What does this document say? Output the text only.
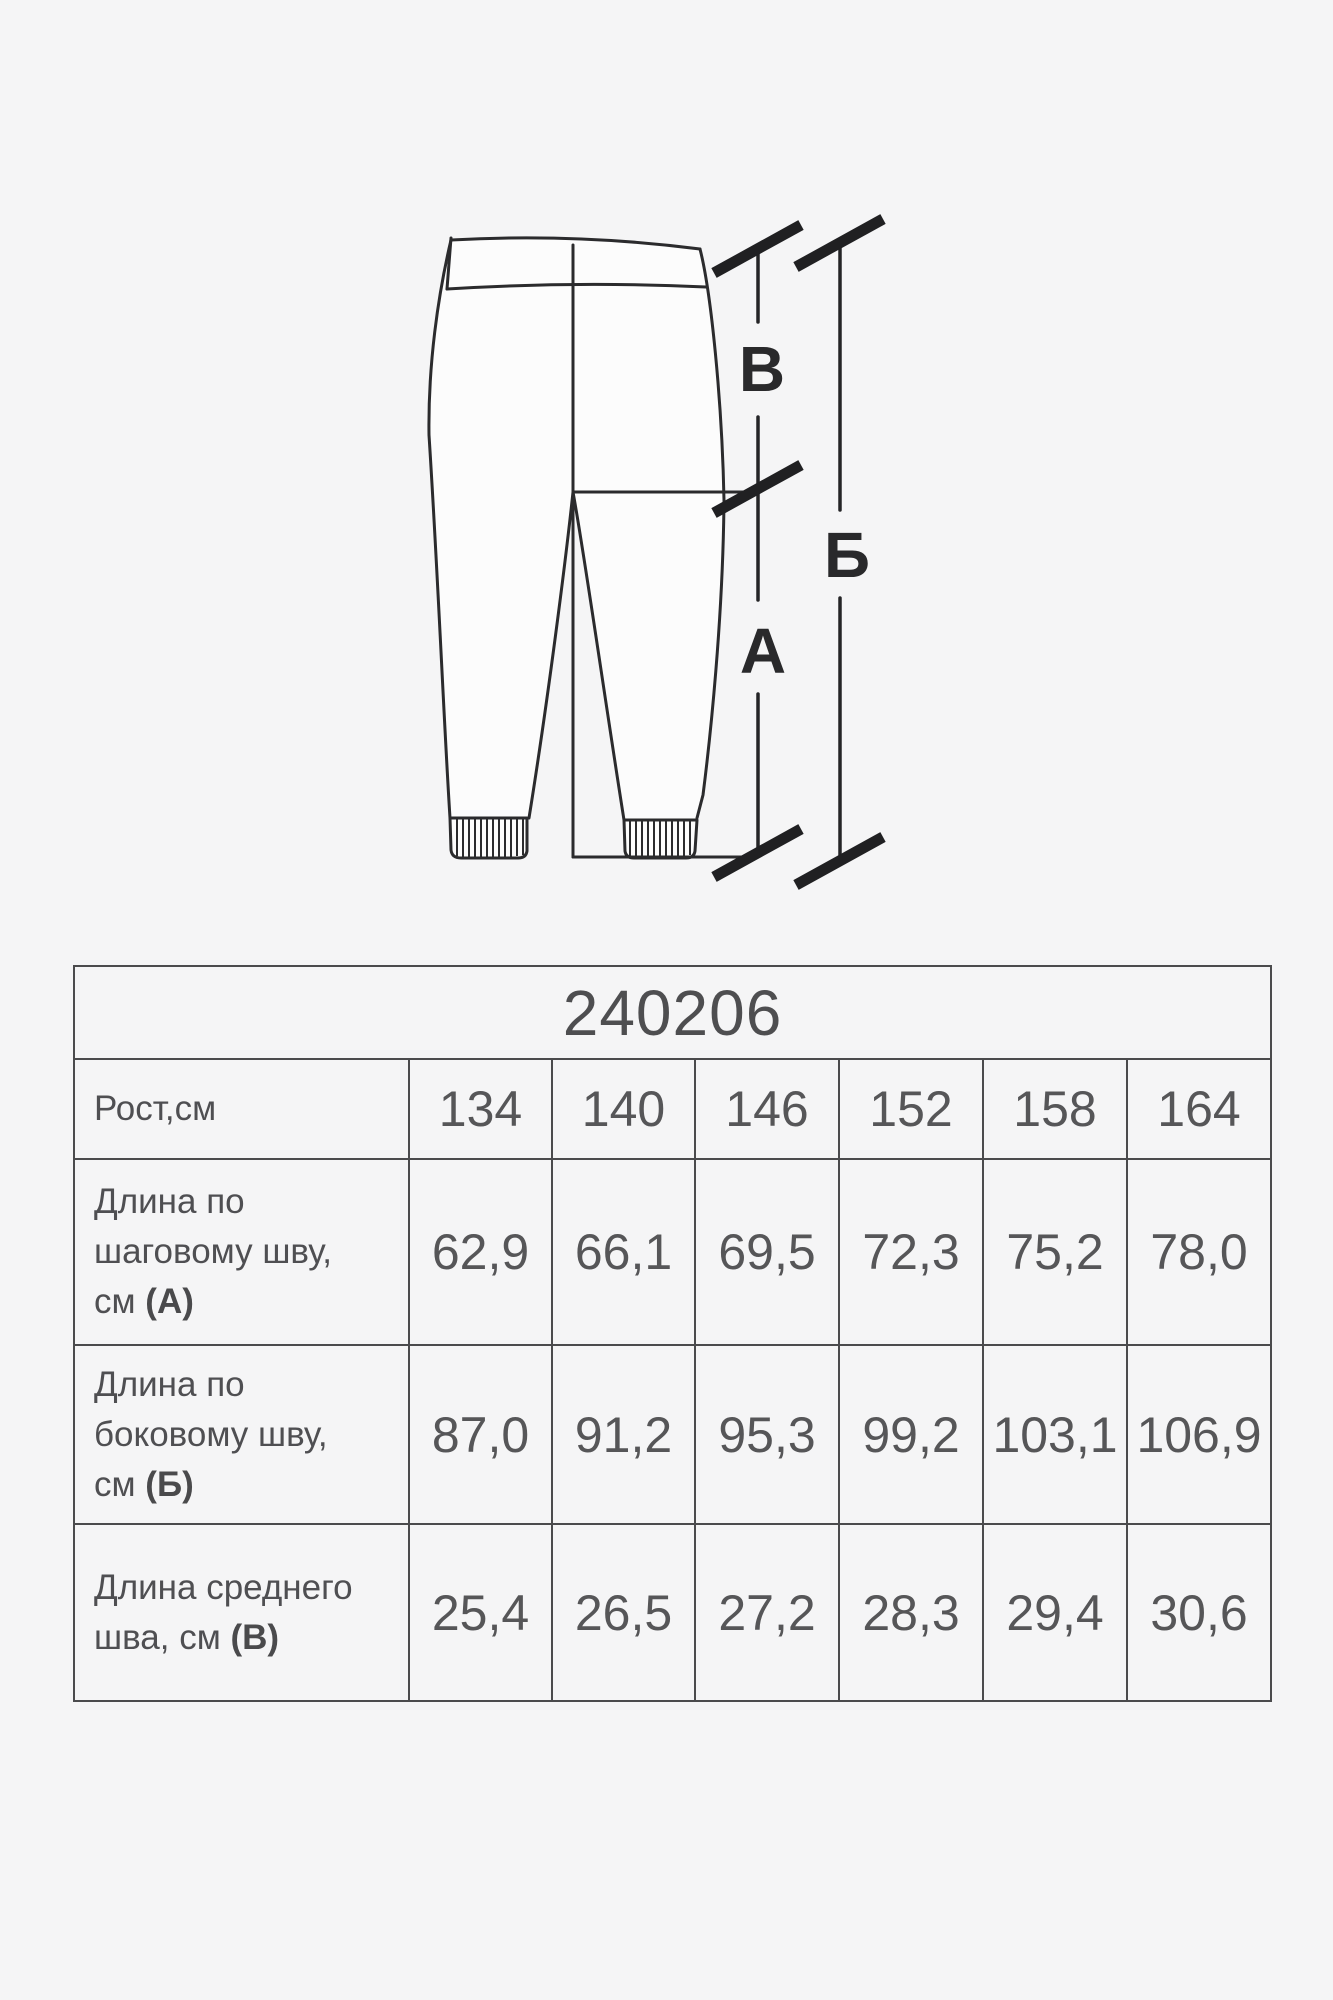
В
Б
А
240206						
Рост,см	134	140	146	152	158	164
Длина по
шаговому шву,
см (А)	62,9	66,1	69,5	72,3	75,2	78,0
Длина по
боковому шву,
см (Б)	87,0	91,2	95,3	99,2	103,1	106,9
Длина среднего
шва, см (В)	25,4	26,5	27,2	28,3	29,4	30,6
